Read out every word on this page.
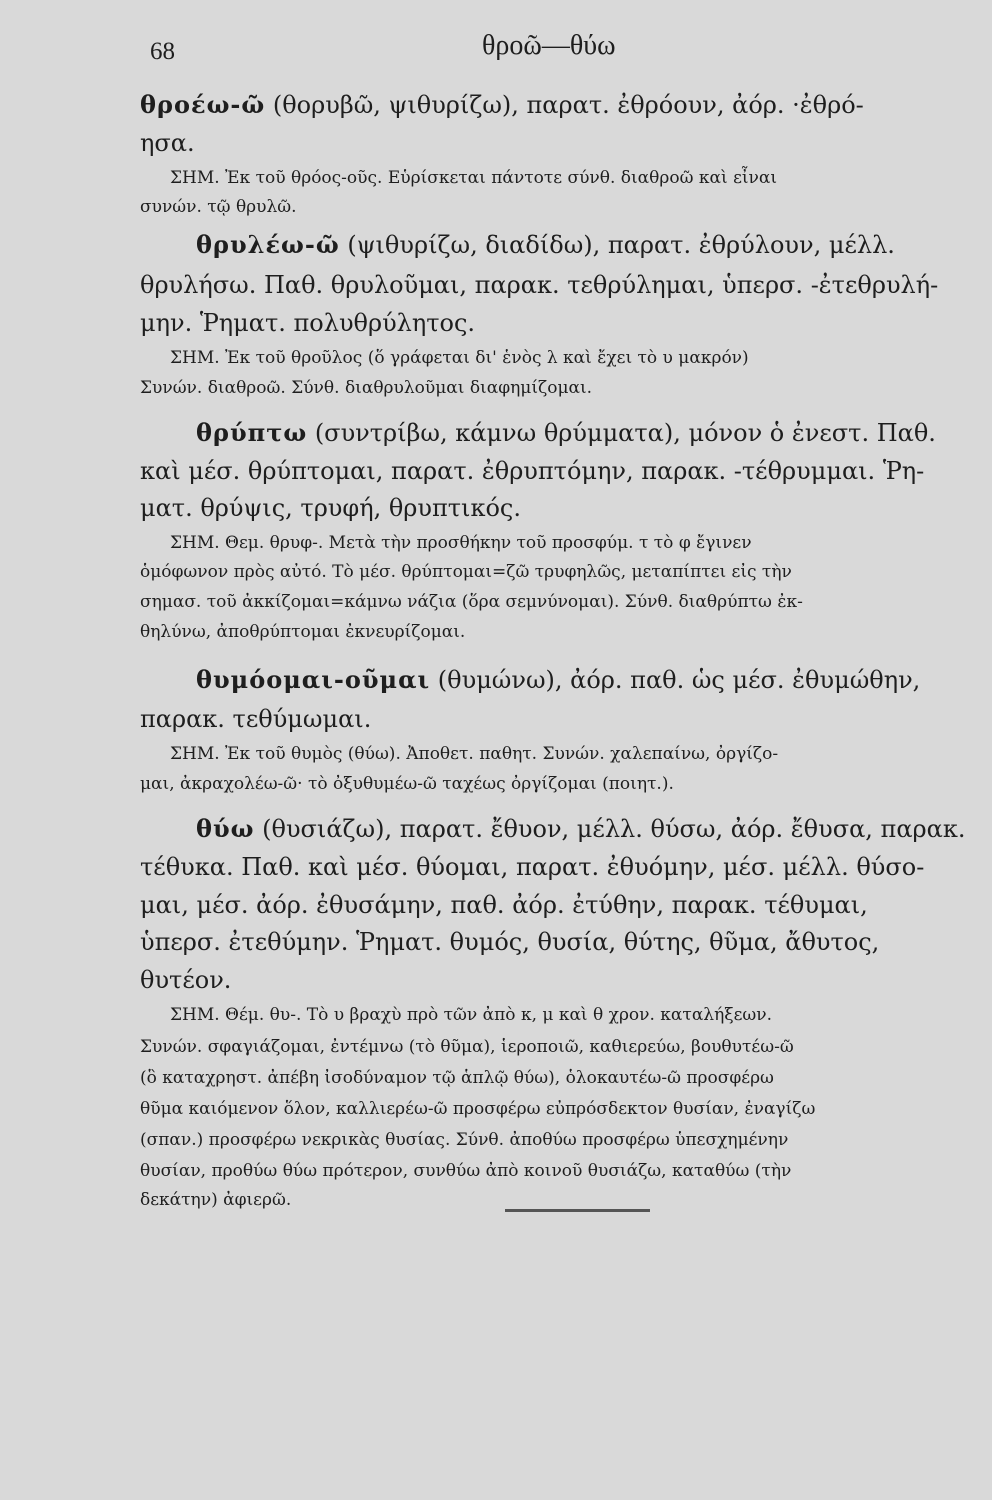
68	θροῶ—θύω
θροέω-ῶ (θορυβῶ, ψιθυρίζω), παρατ. ἐθρόουν, ἀόρ. ·ἐθρό-
ησα.
ΣΗΜ. Ἐκ τοῦ θρόος-οῦς. Εὑρίσκεται πάντοτε σύνθ. διαθροῶ καὶ εἶναι
συνών. τῷ θρυλῶ.
θρυλέω-ῶ (ψιθυρίζω, διαδίδω), παρατ. ἐθρύλουν, μέλλ.
θρυλήσω. Παθ. θρυλοῦμαι, παρακ. τεθρύλημαι, ὑπερσ. -ἐτεθρυλή-
μην. Ῥηματ. πολυθρύλητος.
ΣΗΜ. Ἐκ τοῦ θροῦλος (ὅ γράφεται δι' ἑνὸς λ καὶ ἔχει τὸ υ μακρόν)
Συνών. διαθροῶ. Σύνθ. διαθρυλοῦμαι διαφημίζομαι.
θρύπτω (συντρίβω, κάμνω θρύμματα), μόνον ὁ ἐνεστ. Παθ.
καὶ μέσ. θρύπτομαι, παρατ. ἐθρυπτόμην, παρακ. -τέθρυμμαι. Ῥη-
ματ. θρύψις, τρυφή, θρυπτικός.
ΣΗΜ. Θεμ. θρυφ-. Μετὰ τὴν προσθήκην τοῦ προσφύμ. τ τὸ φ ἔγινεν
ὁμόφωνον πρὸς αὐτό. Τὸ μέσ. θρύπτομαι=ζῶ τρυφηλῶς, μεταπίπτει εἰς τὴν
σημασ. τοῦ ἀκκίζομαι=κάμνω νάζια (ὅρα σεμνύνομαι). Σύνθ. διαθρύπτω ἐκ-
θηλύνω, ἀποθρύπτομαι ἐκνευρίζομαι.
θυμόομαι-οῦμαι (θυμώνω), ἀόρ. παθ. ὡς μέσ. ἐθυμώθην,
παρακ. τεθύμωμαι.
ΣΗΜ. Ἐκ τοῦ θυμὸς (θύω). Ἀποθετ. παθητ. Συνών. χαλεπαίνω, ὀργίζο-
μαι, ἀκραχολέω-ῶ· τὸ ὀξυθυμέω-ῶ ταχέως ὀργίζομαι (ποιητ.).
θύω (θυσιάζω), παρατ. ἔθυον, μέλλ. θύσω, ἀόρ. ἔθυσα, παρακ.
τέθυκα. Παθ. καὶ μέσ. θύομαι, παρατ. ἐθυόμην, μέσ. μέλλ. θύσο-
μαι, μέσ. ἀόρ. ἐθυσάμην, παθ. ἀόρ. ἐτύθην, παρακ. τέθυμαι,
ὑπερσ. ἐτεθύμην. Ῥηματ. θυμός, θυσία, θύτης, θῦμα, ἄθυτος,
θυτέον.
ΣΗΜ. Θέμ. θυ-. Τὸ υ βραχὺ πρὸ τῶν ἀπὸ κ, μ καὶ θ χρον. καταλήξεων.
Συνών. σφαγιάζομαι, ἐντέμνω (τὸ θῦμα), ἱεροποιῶ, καθιερεύω, βουθυτέω-ῶ
(ὃ καταχρηστ. ἀπέβη ἰσοδύναμον τῷ ἁπλῷ θύω), ὁλοκαυτέω-ῶ προσφέρω
θῦμα καιόμενον ὅλον, καλλιερέω-ῶ προσφέρω εὐπρόσδεκτον θυσίαν, ἐναγίζω
(σπαν.) προσφέρω νεκρικὰς θυσίας. Σύνθ. ἀποθύω προσφέρω ὑπεσχημένην
θυσίαν, προθύω θύω πρότερον, συνθύω ἀπὸ κοινοῦ θυσιάζω, καταθύω (τὴν
δεκάτην) ἀφιερῶ.
